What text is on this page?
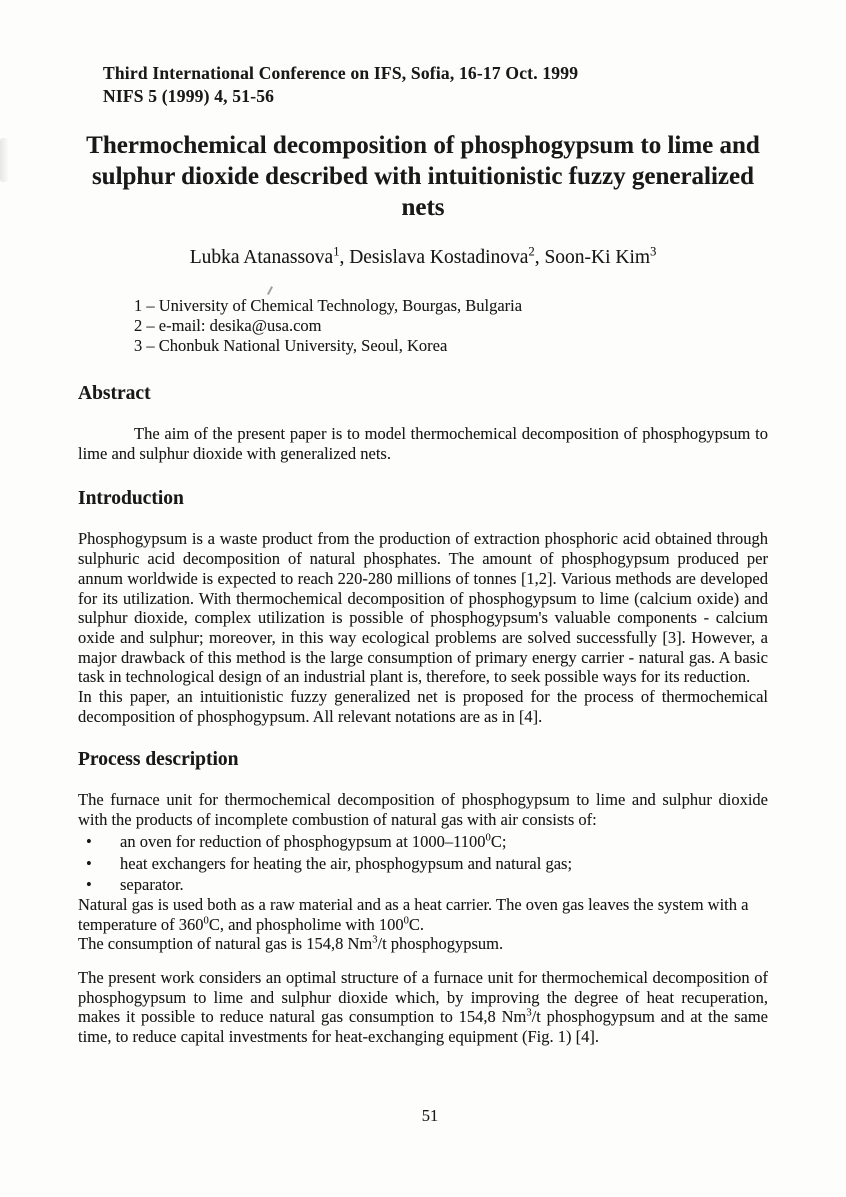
Third International Conference on IFS, Sofia, 16-17 Oct. 1999
NIFS 5 (1999) 4, 51-56
Thermochemical decomposition of phosphogypsum to lime and sulphur dioxide described with intuitionistic fuzzy generalized nets
Lubka Atanassova$^1$, Desislava Kostadinova$^2$, Soon-Ki Kim$^3$
1 – University of Chemical Technology, Bourgas, Bulgaria
2 – e-mail: desika@usa.com
3 – Chonbuk National University, Seoul, Korea
Abstract
The aim of the present paper is to model thermochemical decomposition of phosphogypsum to lime and sulphur dioxide with generalized nets.
Introduction
Phosphogypsum is a waste product from the production of extraction phosphoric acid obtained through sulphuric acid decomposition of natural phosphates. The amount of phosphogypsum produced per annum worldwide is expected to reach 220-280 millions of tonnes [1,2]. Various methods are developed for its utilization. With thermochemical decomposition of phosphogypsum to lime (calcium oxide) and sulphur dioxide, complex utilization is possible of phosphogypsum's valuable components - calcium oxide and sulphur; moreover, in this way ecological problems are solved successfully [3]. However, a major drawback of this method is the large consumption of primary energy carrier - natural gas. A basic task in technological design of an industrial plant is, therefore, to seek possible ways for its reduction.
In this paper, an intuitionistic fuzzy generalized net is proposed for the process of thermochemical decomposition of phosphogypsum. All relevant notations are as in [4].
Process description
The furnace unit for thermochemical decomposition of phosphogypsum to lime and sulphur dioxide with the products of incomplete combustion of natural gas with air consists of:
•	an oven for reduction of phosphogypsum at 1000–1100$^0$C;
•	heat exchangers for heating the air, phosphogypsum and natural gas;
•	separator.
Natural gas is used both as a raw material and as a heat carrier. The oven gas leaves the system with a temperature of $360^0C$, and phospholime with $100^0C$.
The consumption of natural gas is 154,8 Nm$^3$/t phosphogypsum.
The present work considers an optimal structure of a furnace unit for thermochemical decomposition of phosphogypsum to lime and sulphur dioxide which, by improving the degree of heat recuperation, makes it possible to reduce natural gas consumption to 154,8 Nm$^3$/t phosphogypsum and at the same time, to reduce capital investments for heat-exchanging equipment (Fig. 1) [4].
51
